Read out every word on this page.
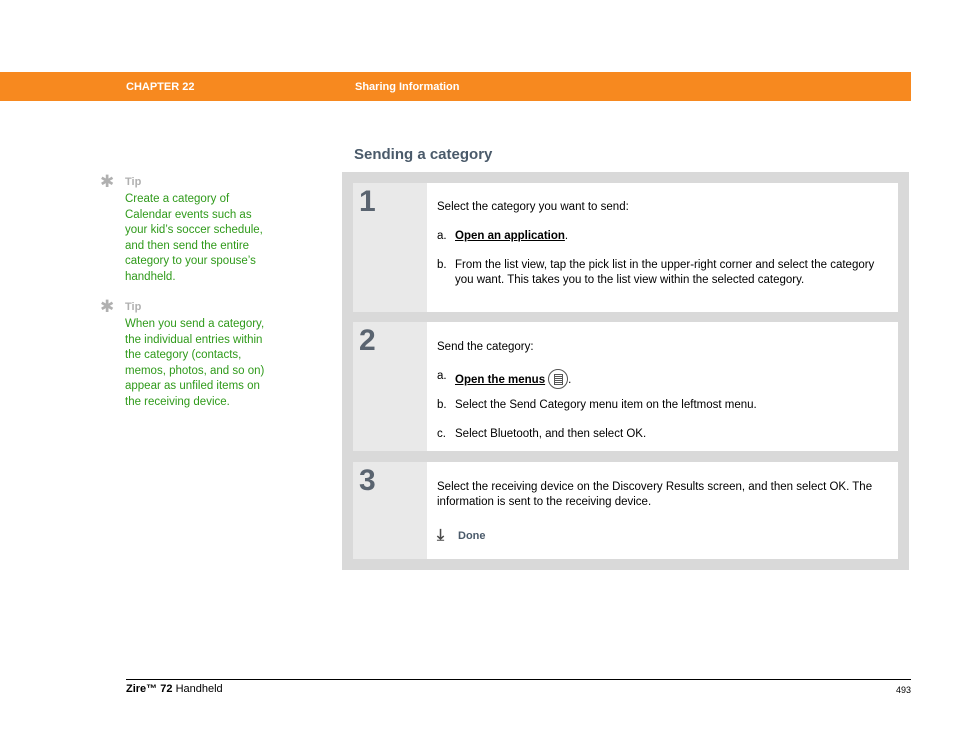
CHAPTER 22	Sharing Information
Sending a category
✱ Tip
Create a category of Calendar events such as your kid’s soccer schedule, and then send the entire category to your spouse’s handheld.
✱ Tip
When you send a category, the individual entries within the category (contacts, memos, photos, and so on) appear as unfiled items on the receiving device.
1	Select the category you want to send:
a. Open an application.
b. From the list view, tap the pick list in the upper-right corner and select the category you want. This takes you to the list view within the selected category.
2	Send the category:
a. Open the menus .
b. Select the Send Category menu item on the leftmost menu.
c. Select Bluetooth, and then select OK.
3	Select the receiving device on the Discovery Results screen, and then select OK. The information is sent to the receiving device.
⤓ Done
Zire™ 72 Handheld	493
